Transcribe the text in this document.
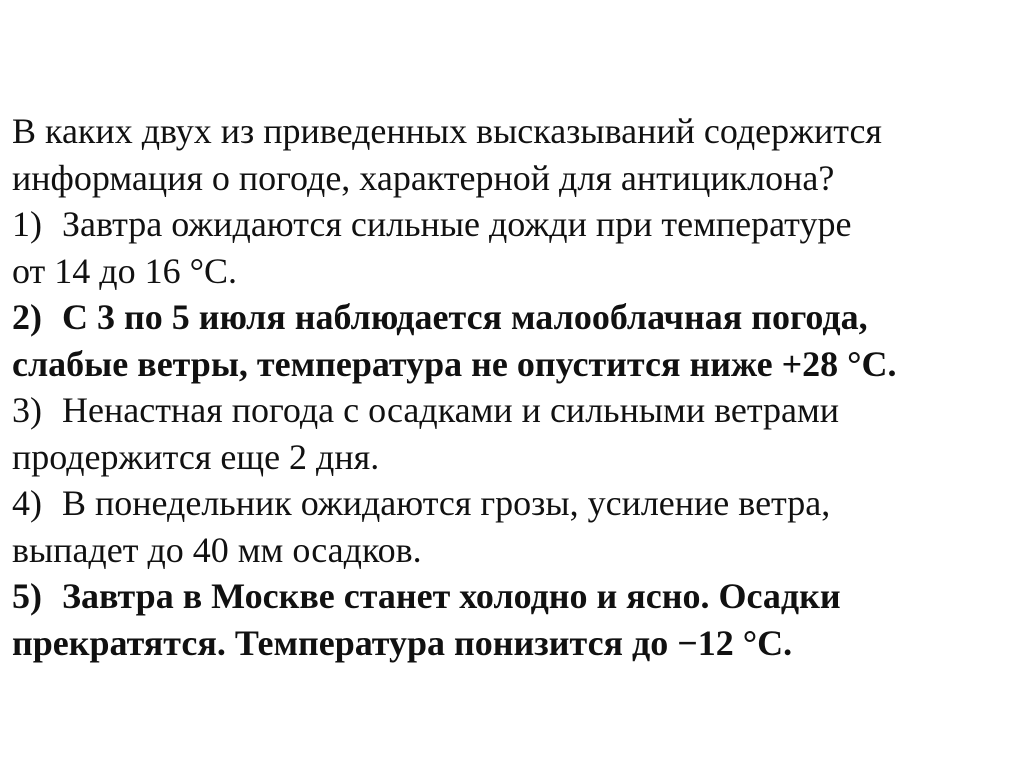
В каких двух из приведенных высказываний содержится
информация о погоде, характерной для антициклона?
1) Завтра ожидаются сильные дожди при температуре
от 14 до 16 °С.
2) С 3 по 5 июля наблюдается малооблачная погода,
слабые ветры, температура не опустится ниже +28 °С.
3) Ненастная погода с осадками и сильными ветрами
продержится еще 2 дня.
4) В понедельник ожидаются грозы, усиление ветра,
выпадет до 40 мм осадков.
5) Завтра в Москве станет холодно и ясно. Осадки
прекратятся. Температура понизится до −12 °С.
